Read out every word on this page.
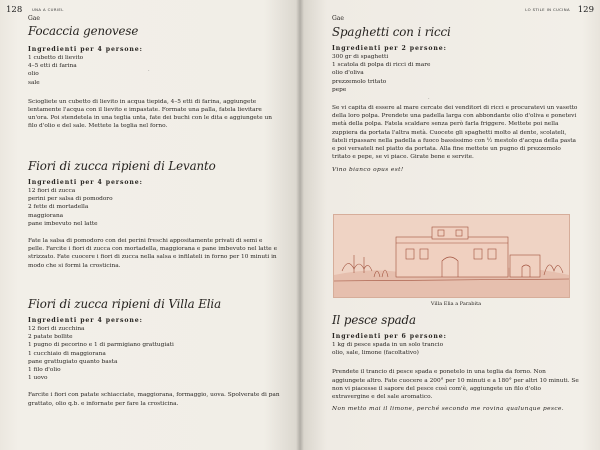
128	UNA A CURIEL
Gae
Focaccia genovese

Ingredienti per 4 persone:

1 cubetto di lievito
4–5 etti di farina
olio
sale

Sciogliete un cubetto di lievito in acqua tiepida, 4–5 etti di farina, aggiungete lentamente l'acqua con il lievito e impastate. Formate una palla, fatela lievitare un'ora. Poi stendetela in una teglia unta, fate dei buchi con le dita e aggiungete un filo d'olio e del sale. Mettete la teglia nel forno.

Fiori di zucca ripieni di Levanto

Ingredienti per 4 persone:

12 fiori di zucca
perini per salsa di pomodoro
2 fette di mortadella
maggiorana
pane imbevuto nel latte

Fate la salsa di pomodoro con dei perini freschi appositamente privati di semi e pelle. Farcite i fiori di zucca con mortadella, maggiorana e pane imbevuto nel latte e strizzato. Fate cuocere i fiori di zucca nella salsa e infilateli in forno per 10 minuti in modo che si formi la crosticina.

Fiori di zucca ripieni di Villa Elia

Ingredienti per 4 persone:

12 fiori di zucchina
2 patate bollite
1 pugno di pecorino e 1 di parmigiano grattugiati
1 cucchiaio di maggiorana
pane grattugiato quanto basta
1 filo d'olio
1 uovo

Farcite i fiori con patate schiacciate, maggiorana, formaggio, uova. Spolverate di pan grattato, olio q.b. e infornate per fare la crosticina.

ˑ
129
LO STILE IN CUCINA
Gae
Spaghetti con i ricci

Ingredienti per 2 persone:

300 gr di spaghetti
1 scatola di polpa di ricci di mare
olio d'oliva
prezzemolo tritato
pepe

Se vi capita di essere al mare cercate dei venditori di ricci e procuratevi un vasetto della loro polpa. Prendete una padella larga con abbondante olio d'oliva e ponetevi metà della polpa. Fatela scaldare senza però farla friggere. Mettete poi nella zuppiera da portata l'altra metà. Cuocete gli spaghetti molto al dente, scolateli, fateli ripassare nella padella a fuoco bassissimo con ½ mestolo d'acqua della pasta e poi versateli nel piatto da portata. Alla fine mettete un pugno di prezzemolo tritato e pepe, se vi piace. Girate bene e servite.

Vino bianco opus est!

Villa Elia a Parabita
Il pesce spada

Ingredienti per 6 persone:

1 kg di pesce spada in un solo trancio
olio, sale, limone (facoltativo)

Prendete il trancio di pesce spada e ponetelo in una teglia da forno. Non aggiungete altro. Fate cuocere a 200° per 10 minuti e a 180° per altri 10 minuti. Se non vi piacesse il sapore del pesce così com'è, aggiungete un filo d'olio extravergine e del sale aromatico.

Non metto mai il limone, perché secondo me rovina qualunque pesce.

ˑ
